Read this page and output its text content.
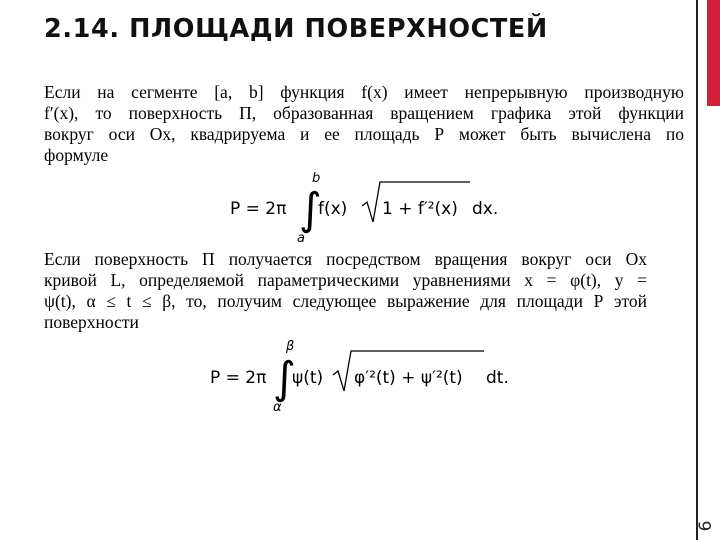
2.14. ПЛОЩАДИ ПОВЕРХНОСТЕЙ
6
Если на сегменте [a, b] функция f(x) имеет непрерывную производную
f′(x), то поверхность П, образованная вращением графика этой функции
вокруг оси Ох, квадрируема и ее площадь Р может быть вычислена по
формуле
b
P = 2π ∫
a
f(x) 1 + f′²(x) dx.
Если поверхность П получается посредством вращения вокруг оси Ох
кривой L, определяемой параметрическими уравнениями x = φ(t), y =
ψ(t), α ≤ t ≤ β, то, получим следующее выражение для площади Р этой
поверхности
β
P = 2π ∫
α
ψ(t) φ′²(t) + ψ′²(t) dt.
